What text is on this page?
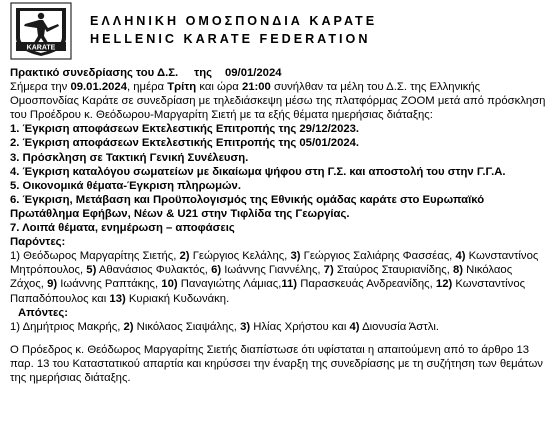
KARATE
ΕΛΛΗΝΙΚΗ ΟΜΟΣΠΟΝΔΙΑ ΚΑΡΑΤΕ
HELLENIC KARATE FEDERATION

Πρακτικό συνεδρίασης του Δ.Σ. της 09/01/2024

Σήμερα την 09.01.2024, ημέρα Τρίτη και ώρα 21:00 συνήλθαν τα μέλη του Δ.Σ. της Ελληνικής Ομοσπονδίας Καράτε σε συνεδρίαση με τηλεδιάσκεψη μέσω της πλατφόρμας ZOOM μετά από πρόσκληση του Προέδρου κ. Θεόδωρου-Μαργαρίτη Σιετή με τα εξής θέματα ημερήσιας διάταξης:

1. Έγκριση αποφάσεων Εκτελεστικής Επιτροπής της 29/12/2023.

2. Έγκριση αποφάσεων Εκτελεστικής Επιτροπής της 05/01/2024.

3. Πρόσκληση σε Τακτική Γενική Συνέλευση.

4. Έγκριση καταλόγου σωματείων με δικαίωμα ψήφου στη Γ.Σ. και αποστολή του στην Γ.Γ.Α.

5. Οικονομικά θέματα-Έγκριση πληρωμών.

6. Έγκριση, Μετάβαση και Προϋπολογισμός της Εθνικής ομάδας καράτε στο Ευρωπαϊκό Πρωτάθλημα Εφήβων, Νέων & U21 στην Τιφλίδα της Γεωργίας.

7. Λοιπά θέματα, ενημέρωση – αποφάσεις

Παρόντες:

1) Θεόδωρος Μαργαρίτης Σιετής, 2) Γεώργιος Κελάλης, 3) Γεώργιος Σαλιάρης Φασσέας, 4) Κωνσταντίνος Μητρόπουλος, 5) Αθανάσιος Φυλακτός, 6) Ιωάννης Γιαννέλης, 7) Σταύρος Σταυριανίδης, 8) Νικόλαος Ζάχος, 9) Ιωάννης Ραπτάκης, 10) Παναγιώτης Λάμιας,11) Παρασκευάς Ανδρεανίδης, 12) Κωνσταντίνος Παπαδόπουλος και 13) Κυριακή Κυδωνάκη.

Απόντες:

1) Δημήτριος Μακρής, 2) Νικόλαος Σιαψάλης, 3) Ηλίας Χρήστου και 4) Διονυσία Άστλι.

Ο Πρόεδρος κ. Θεόδωρος Μαργαρίτης Σιετής διαπίστωσε ότι υφίσταται η απαιτούμενη από το άρθρο 13 παρ. 13 του Καταστατικού απαρτία και κηρύσσει την έναρξη της συνεδρίασης με τη συζήτηση των θεμάτων της ημερήσιας διάταξης.
